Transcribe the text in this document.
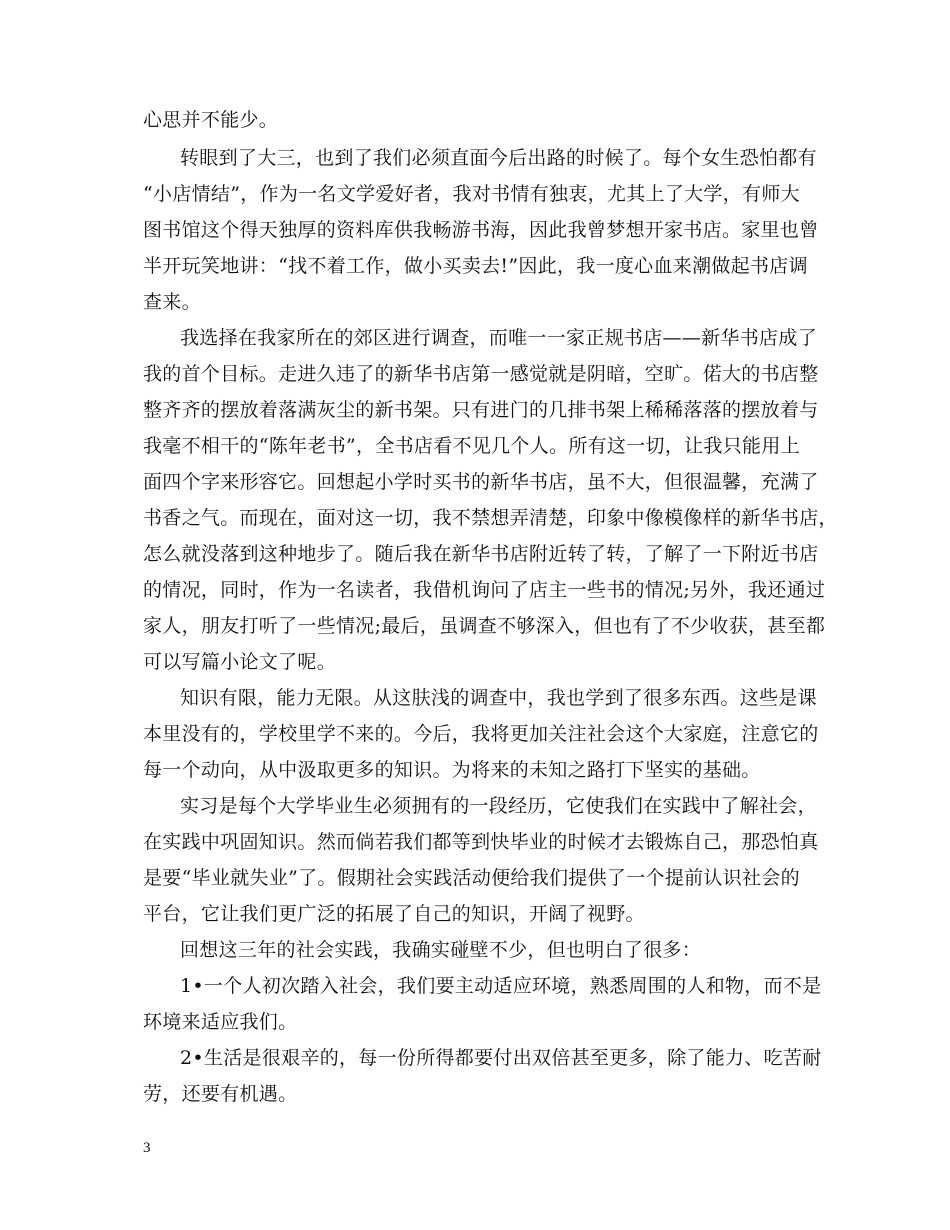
心思并不能少。
转眼到了大三，也到了我们必须直面今后出路的时候了。每个女生恐怕都有
“小店情结”，作为一名文学爱好者，我对书情有独衷，尤其上了大学，有师大
图书馆这个得天独厚的资料库供我畅游书海，因此我曾梦想开家书店。家里也曾
半开玩笑地讲：“找不着工作，做小买卖去!”因此，我一度心血来潮做起书店调
查来。
我选择在我家所在的郊区进行调查，而唯一一家正规书店——新华书店成了
我的首个目标。走进久违了的新华书店第一感觉就是阴暗，空旷。偌大的书店整
整齐齐的摆放着落满灰尘的新书架。只有进门的几排书架上稀稀落落的摆放着与
我毫不相干的“陈年老书”，全书店看不见几个人。所有这一切，让我只能用上
面四个字来形容它。回想起小学时买书的新华书店，虽不大，但很温馨，充满了
书香之气。而现在，面对这一切，我不禁想弄清楚，印象中像模像样的新华书店，
怎么就没落到这种地步了。随后我在新华书店附近转了转，了解了一下附近书店
的情况，同时，作为一名读者，我借机询问了店主一些书的情况;另外，我还通过
家人，朋友打听了一些情况;最后，虽调查不够深入，但也有了不少收获，甚至都
可以写篇小论文了呢。
知识有限，能力无限。从这肤浅的调查中，我也学到了很多东西。这些是课
本里没有的，学校里学不来的。今后，我将更加关注社会这个大家庭，注意它的
每一个动向，从中汲取更多的知识。为将来的未知之路打下坚实的基础。
实习是每个大学毕业生必须拥有的一段经历，它使我们在实践中了解社会，
在实践中巩固知识。然而倘若我们都等到快毕业的时候才去锻炼自己，那恐怕真
是要“毕业就失业”了。假期社会实践活动便给我们提供了一个提前认识社会的
平台，它让我们更广泛的拓展了自己的知识，开阔了视野。
回想这三年的社会实践，我确实碰壁不少，但也明白了很多：
1•一个人初次踏入社会，我们要主动适应环境，熟悉周围的人和物，而不是
环境来适应我们。
2•生活是很艰辛的，每一份所得都要付出双倍甚至更多，除了能力、吃苦耐
劳，还要有机遇。
3
